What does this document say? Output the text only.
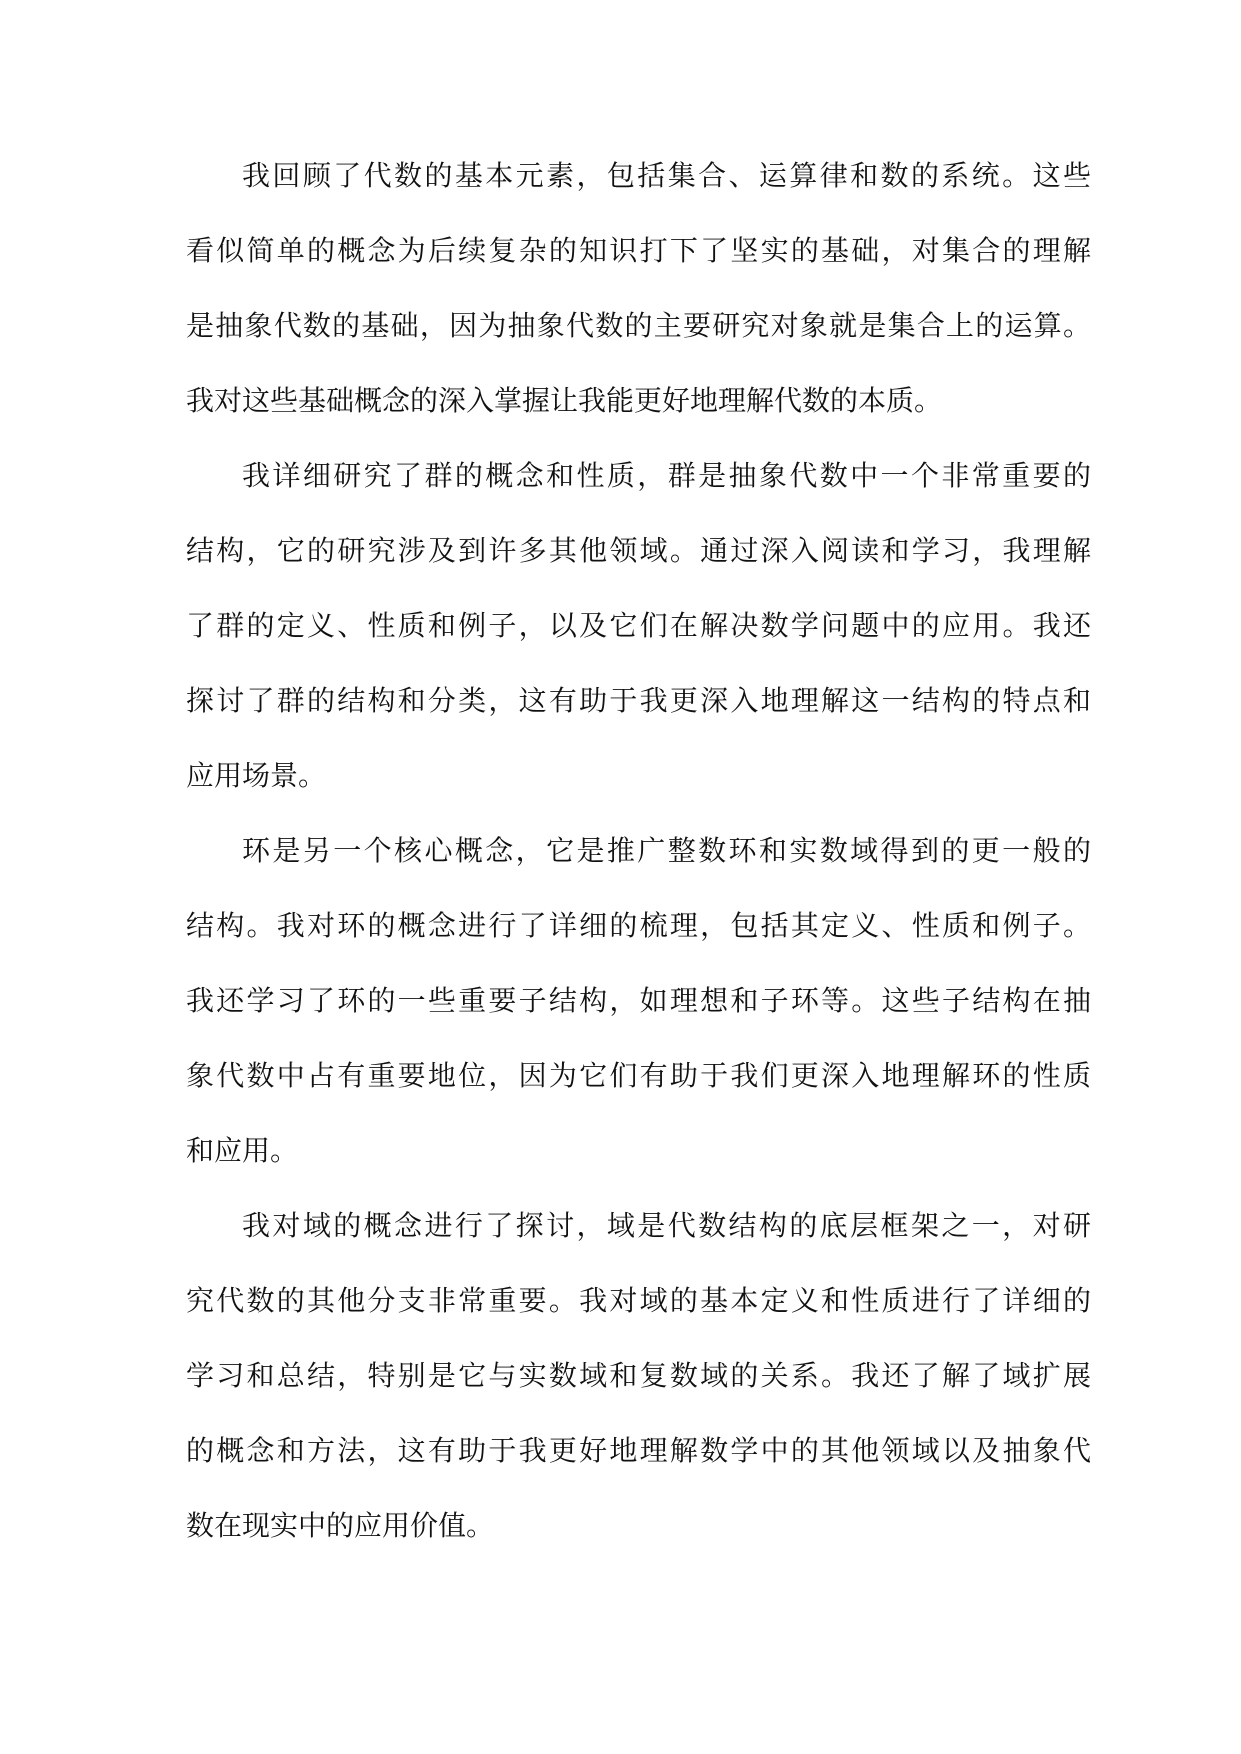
我回顾了代数的基本元素，包括集合、运算律和数的系统。这些
看似简单的概念为后续复杂的知识打下了坚实的基础，对集合的理解
是抽象代数的基础，因为抽象代数的主要研究对象就是集合上的运算。
我对这些基础概念的深入掌握让我能更好地理解代数的本质。
我详细研究了群的概念和性质，群是抽象代数中一个非常重要的
结构，它的研究涉及到许多其他领域。通过深入阅读和学习，我理解
了群的定义、性质和例子，以及它们在解决数学问题中的应用。我还
探讨了群的结构和分类，这有助于我更深入地理解这一结构的特点和
应用场景。
环是另一个核心概念，它是推广整数环和实数域得到的更一般的
结构。我对环的概念进行了详细的梳理，包括其定义、性质和例子。
我还学习了环的一些重要子结构，如理想和子环等。这些子结构在抽
象代数中占有重要地位，因为它们有助于我们更深入地理解环的性质
和应用。
我对域的概念进行了探讨，域是代数结构的底层框架之一，对研
究代数的其他分支非常重要。我对域的基本定义和性质进行了详细的
学习和总结，特别是它与实数域和复数域的关系。我还了解了域扩展
的概念和方法，这有助于我更好地理解数学中的其他领域以及抽象代
数在现实中的应用价值。
